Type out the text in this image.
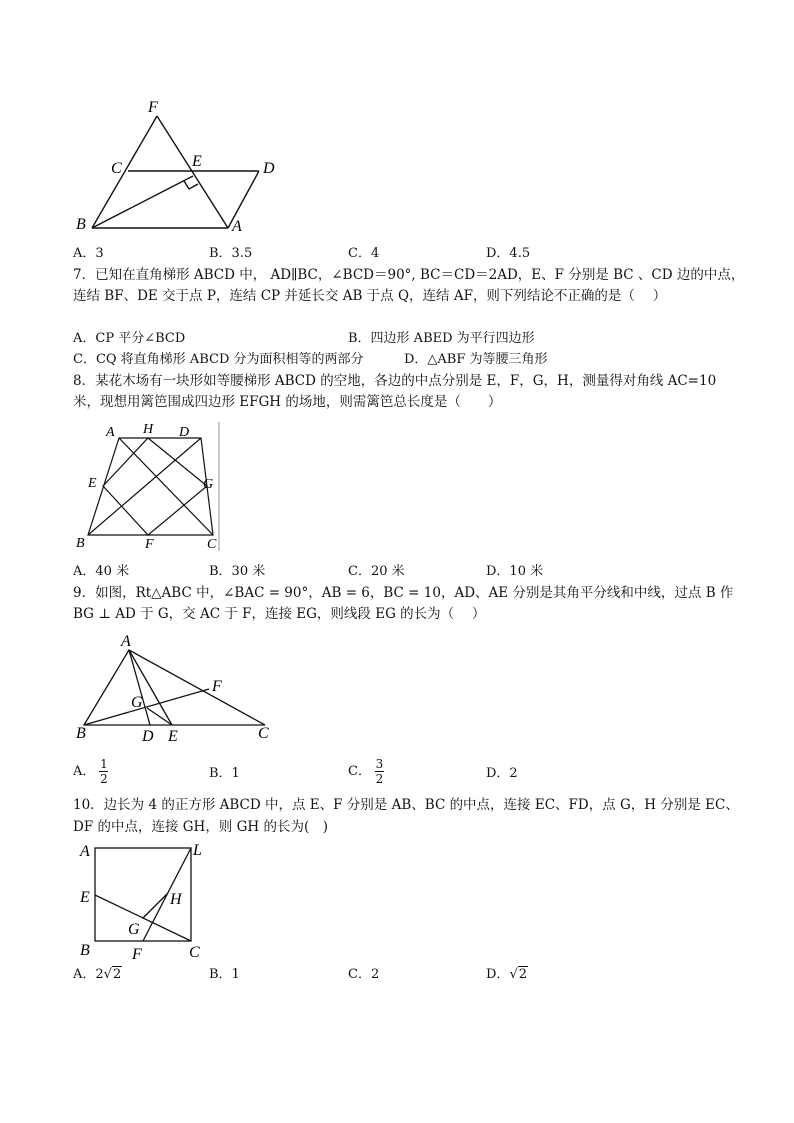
F
C	E	D
B	A
A．3	B．3.5	C．4	D．4.5
7．已知在直角梯形 ABCD 中， AD∥BC，∠BCD＝90°, BC＝CD＝2AD，E、F 分别是 BC 、CD 边的中点，
连结 BF、DE 交于点 P，连结 CP 并延长交 AB 于点 Q，连结 AF，则下列结论不正确的是（　 ）
A．CP 平分∠BCD	B．四边形 ABED 为平行四边形
C．CQ 将直角梯形 ABCD 分为面积相等的两部分	D．△ABF 为等腰三角形
8．某花木场有一块形如等腰梯形 ABCD 的空地，各边的中点分别是 E，F，G，H，测量得对角线 AC=10
米，现想用篱笆围成四边形 EFGH 的场地，则需篱笆总长度是（　　）
A H D
E	G
B	F	C
A．40 米	B．30 米	C．20 米	D．10 米
9．如图，Rt△ABC 中，∠BAC = 90°，AB = 6，BC = 10，AD、AE 分别是其角平分线和中线，过点 B 作
BG ⊥ AD 于 G，交 AC 于 F，连接 EG，则线段 EG 的长为（　 ）
A
F
G
B	D E	C
A． $\frac{1}{2}$	B．1	C． $\frac{3}{2}$	D．2
10．边长为 4 的正方形 ABCD 中，点 E、F 分别是 AB、BC 的中点，连接 EC、FD，点 G，H 分别是 EC、
DF 的中点，连接 GH，则 GH 的长为(　)
A	L
E	H
G
B	F	C
A．2√2	B．1	C．2	D．√2
